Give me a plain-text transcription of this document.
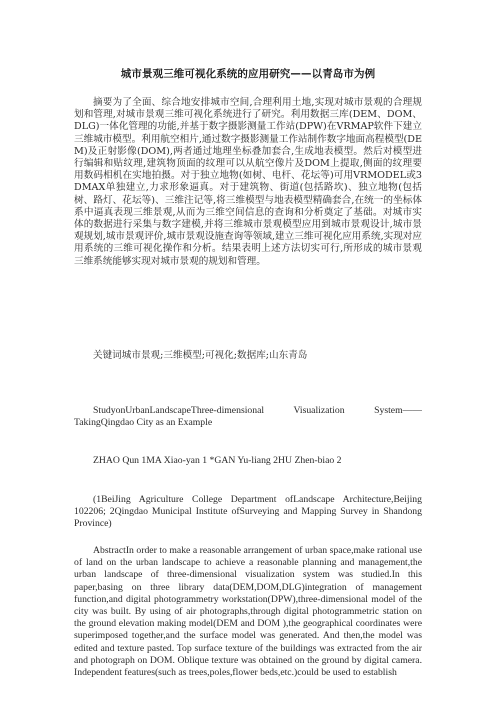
城市景观三维可视化系统的应用研究——以青岛市为例

摘要为了全面、综合地安排城市空间,合理利用土地,实现对城市景观的合理规划和管理,对城市景观三维可视化系统进行了研究。利用数据三库(DEM、DOM、DLG)一体化管理的功能,并基于数字摄影测量工作站(DPW)在VRMAP软件下建立三维城市模型。利用航空相片,通过数字摄影测量工作站制作数字地面高程模型(DEM)及正射影像(DOM),两者通过地理坐标叠加套合,生成地表模型。然后对模型进行编辑和贴纹理,建筑物顶面的纹理可以从航空像片及DOM上提取,侧面的纹理要用数码相机在实地拍摄。对于独立地物(如树、电杆、花坛等)可用VRMODEL或3DMAX单独建立,力求形象逼真。对于建筑物、街道(包括路坎)、独立地物(包括树、路灯、花坛等)、三维注记等,将三维模型与地表模型精确套合,在统一的坐标体系中逼真表现三维景观,从而为三维空间信息的查询和分析奠定了基础。对城市实体的数据进行采集与数字建模,并将三维城市景观模型应用到城市景观设计,城市景观规划,城市景观评价,城市景观设施查询等领域,建立三维可视化应用系统,实现对应用系统的三维可视化操作和分析。结果表明上述方法切实可行,所形成的城市景观三维系统能够实现对城市景观的规划和管理。

关键词城市景观;三维模型;可视化;数据库;山东青岛

StudyonUrbanLandscapeThree-dimensional Visualization System——TakingQingdao City as an Example

ZHAO Qun 1MA Xiao-yan 1 *GAN Yu-liang 2HU Zhen-biao 2

(1BeiJing Agriculture College Department ofLandscape Architecture,Beijing 102206; 2Qingdao Municipal Institute ofSurveying and Mapping Survey in Shandong Province)

AbstractIn order to make a reasonable arrangement of urban space,make rational use of land on the urban landscape to achieve a reasonable planning and management,the urban landscape of three-dimensional visualization system was studied.In this paper,basing on three library data(DEM,DOM,DLG)integration of management function,and digital photogrammetry workstation(DPW),three-dimensional model of the city was built. By using of air photographs,through digital photogrammetric station on the ground elevation making model(DEM and DOM ),the geographical coordinates were superimposed together,and the surface model was generated. And then,the model was edited and texture pasted. Top surface texture of the buildings was extracted from the air and photograph on DOM. Oblique texture was obtained on the ground by digital camera. Independent features(such as trees,poles,flower beds,etc.)could be used to establish
